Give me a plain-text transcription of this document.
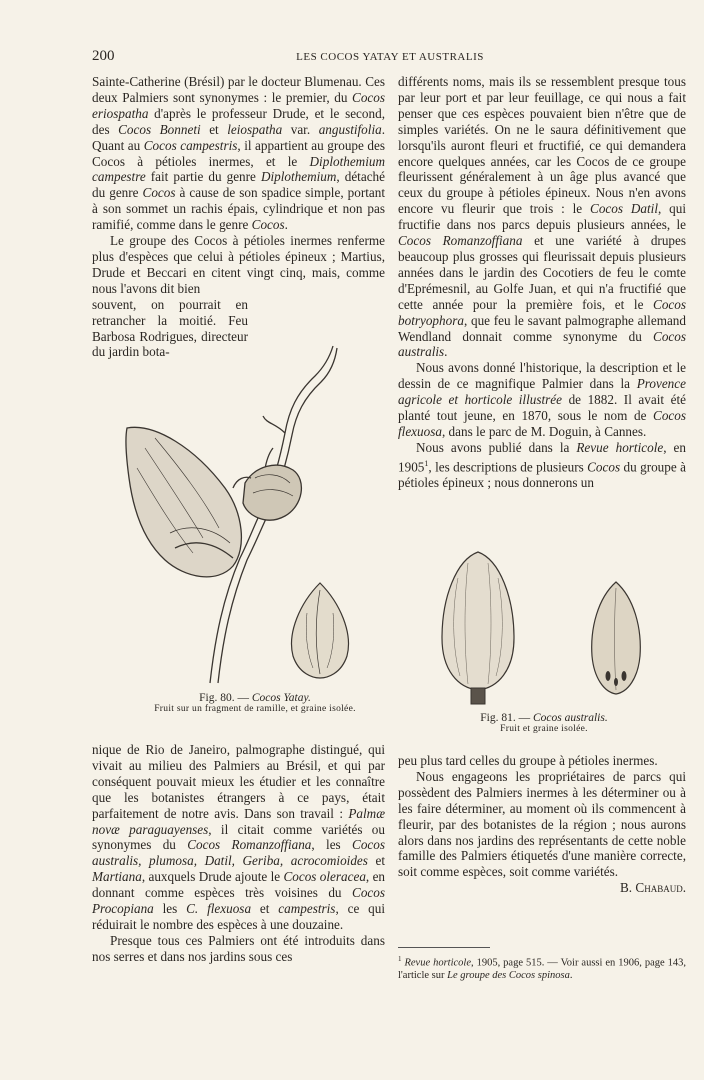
200	LES COCOS YATAY ET AUSTRALIS

Sainte-Catherine (Brésil) par le docteur Blumenau. Ces deux Palmiers sont synonymes : le premier, du Cocos eriospatha d'après le professeur Drude, et le second, des Cocos Bonneti et leiospatha var. angustifolia. Quant au Cocos campestris, il appartient au groupe des Cocos à pétioles inermes, et le Diplothemium campestre fait partie du genre Diplothemium, détaché du genre Cocos à cause de son spadice simple, portant à son sommet un rachis épais, cylindrique et non pas ramifié, comme dans le genre Cocos.

Le groupe des Cocos à pétioles inermes renferme plus d'espèces que celui à pétioles épineux ; Martius, Drude et Beccari en citent vingt cinq, mais, comme nous l'avons dit bien

souvent, on pourrait en retrancher la moitié. Feu Barbosa Rodrigues, directeur du jardin bota-

Fig. 80. — Cocos Yatay.
Fruit sur un fragment de ramille, et graine isolée.

nique de Rio de Janeiro, palmographe distingué, qui vivait au milieu des Palmiers au Brésil, et qui par conséquent pouvait mieux les étudier et les connaître que les botanistes étrangers à ce pays, était parfaitement de notre avis. Dans son travail : Palmæ novæ paraguayenses, il citait comme variétés ou synonymes du Cocos Romanzoffiana, les Cocos australis, plumosa, Datil, Geriba, acrocomioides et Martiana, auxquels Drude ajoute le Cocos oleracea, en donnant comme espèces très voisines du Cocos Procopiana les C. flexuosa et campestris, ce qui réduirait le nombre des espèces à une douzaine.

Presque tous ces Palmiers ont été introduits dans nos serres et dans nos jardins sous ces

différents noms, mais ils se ressemblent presque tous par leur port et par leur feuillage, ce qui nous a fait penser que ces espèces pouvaient bien n'être que de simples variétés. On ne le saura définitivement que lorsqu'ils auront fleuri et fructifié, ce qui demandera encore quelques années, car les Cocos de ce groupe fleurissent généralement à un âge plus avancé que ceux du groupe à pétioles épineux. Nous n'en avons encore vu fleurir que trois : le Cocos Datil, qui fructifie dans nos parcs depuis plusieurs années, le Cocos Romanzoffiana et une variété à drupes beaucoup plus grosses qui fleurissait depuis plusieurs années dans le jardin des Cocotiers de feu le comte d'Eprémesnil, au Golfe Juan, et qui n'a fructifié que cette année pour la première fois, et le Cocos botryophora, que feu le savant palmographe allemand Wendland donnait comme synonyme du Cocos australis.

Nous avons donné l'historique, la description et le dessin de ce magnifique Palmier dans la Provence agricole et horticole illustrée de 1882. Il avait été planté tout jeune, en 1870, sous le nom de Cocos flexuosa, dans le parc de M. Doguin, à Cannes.

Nous avons publié dans la Revue horticole, en 1905$^1$, les descriptions de plusieurs Cocos du groupe à pétioles épineux ; nous donnerons un

Fig. 81. — Cocos australis.
Fruit et graine isolée.

peu plus tard celles du groupe à pétioles inermes.

Nous engageons les propriétaires de parcs qui possèdent des Palmiers inermes à les déterminer ou à les faire déterminer, au moment où ils commencent à fleurir, par des botanistes de la région ; nous aurons alors dans nos jardins des représentants de cette noble famille des Palmiers étiquetés d'une manière correcte, soit comme espèces, soit comme variétés.
B. Chabaud.

$^1$ Revue horticole, 1905, page 515. — Voir aussi en 1906, page 143, l'article sur Le groupe des Cocos spinosa.
